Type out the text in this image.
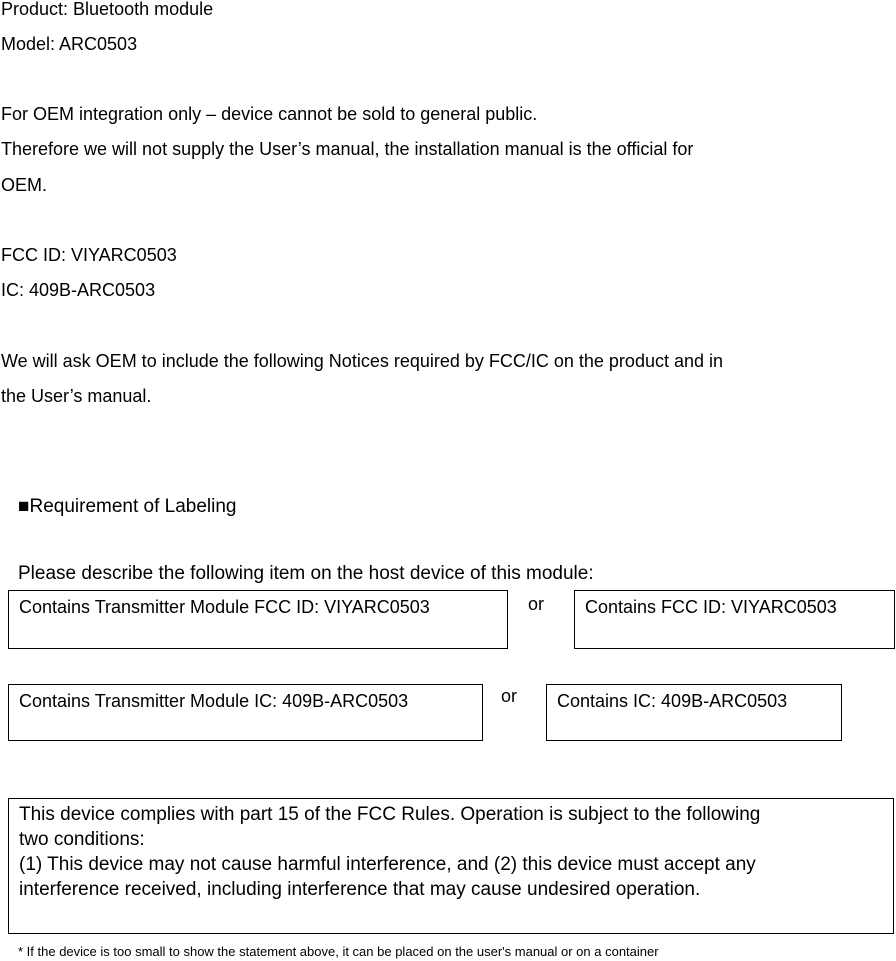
Product: Bluetooth module
Model: ARC0503
For OEM integration only – device cannot be sold to general public.
Therefore we will not supply the User’s manual, the installation manual is the official for
OEM.
FCC ID: VIYARC0503
IC: 409B-ARC0503
We will ask OEM to include the following Notices required by FCC/IC on the product and in
the User’s manual.
■Requirement of Labeling
Please describe the following item on the host device of this module:
Contains Transmitter Module FCC ID: VIYARC0503	or	Contains FCC ID: VIYARC0503
Contains Transmitter Module IC: 409B-ARC0503	or	Contains IC: 409B-ARC0503

This device complies with part 15 of the FCC Rules. Operation is subject to the following

two conditions:

(1) This device may not cause harmful interference, and (2) this device must accept any

interference received, including interference that may cause undesired operation.

* If the device is too small to show the statement above, it can be placed on the user's manual or on a container
